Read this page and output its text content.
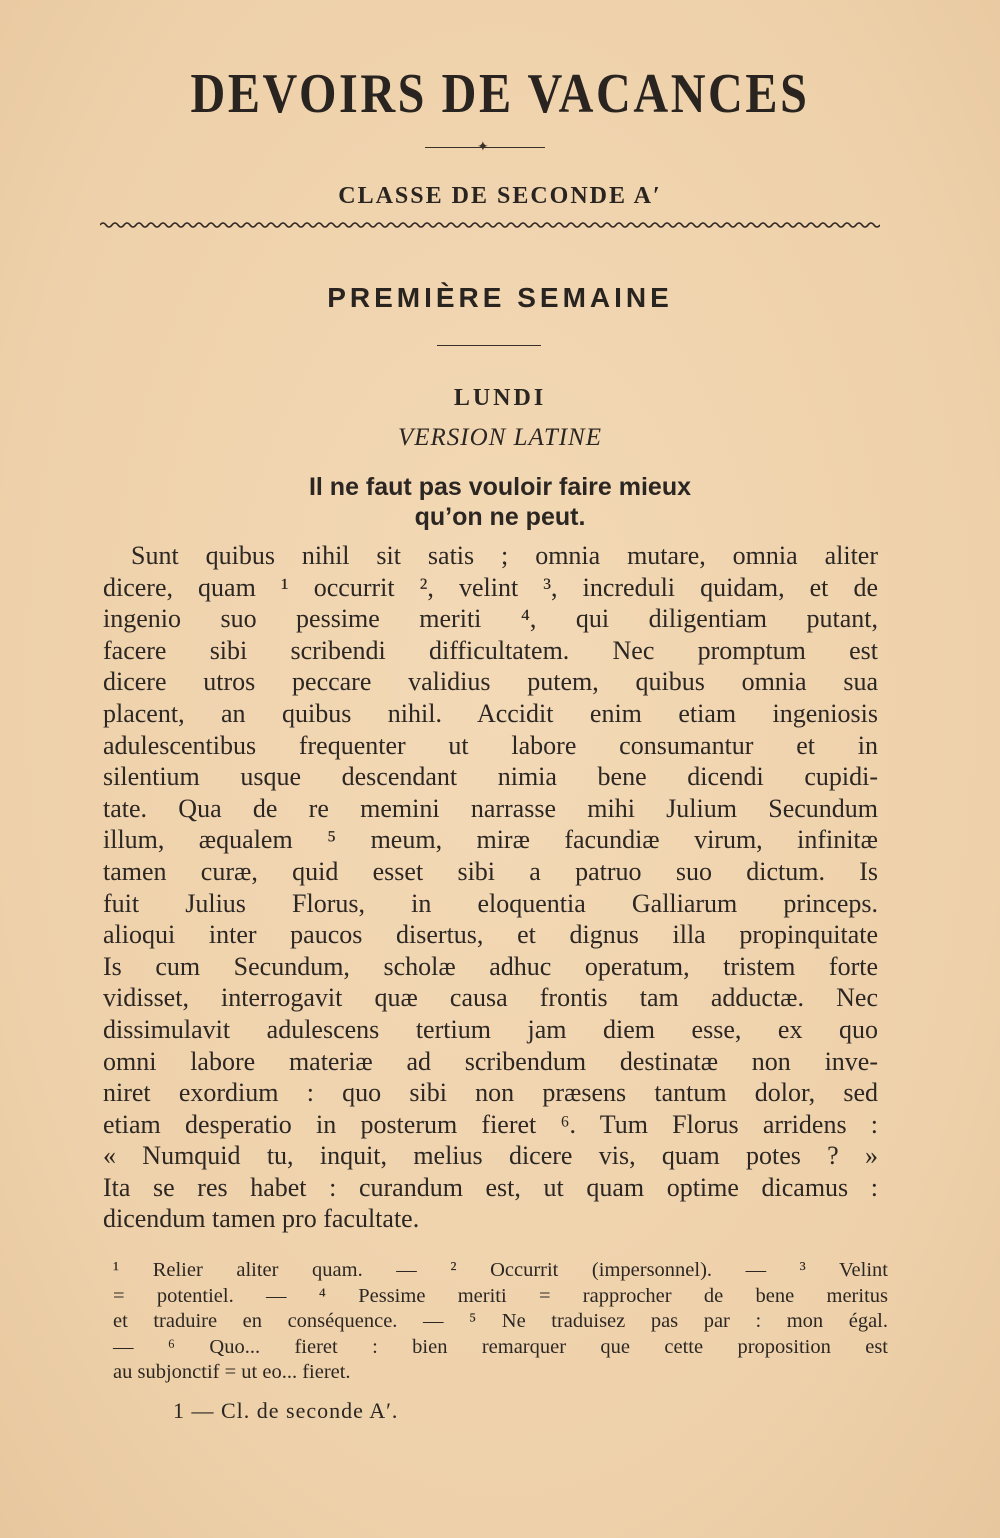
DEVOIRS DE VACANCES
✦
CLASSE DE SECONDE A′
PREMIÈRE SEMAINE
LUNDI
VERSION LATINE
Il ne faut pas vouloir faire mieux
qu’on ne peut.
Sunt quibus nihil sit satis ; omnia mutare, omnia aliter
dicere, quam ¹ occurrit ², velint ³, increduli quidam, et de
ingenio suo pessime meriti ⁴, qui diligentiam putant,
facere sibi scribendi difficultatem. Nec promptum est
dicere utros peccare validius putem, quibus omnia sua
placent, an quibus nihil. Accidit enim etiam ingeniosis
adulescentibus frequenter ut labore consumantur et in
silentium usque descendant nimia bene dicendi cupidi-
tate. Qua de re memini narrasse mihi Julium Secundum
illum, æqualem ⁵ meum, miræ facundiæ virum, infinitæ
tamen curæ, quid esset sibi a patruo suo dictum. Is
fuit Julius Florus, in eloquentia Galliarum princeps.
alioqui inter paucos disertus, et dignus illa propinquitate
Is cum Secundum, scholæ adhuc operatum, tristem forte
vidisset, interrogavit quæ causa frontis tam adductæ. Nec
dissimulavit adulescens tertium jam diem esse, ex quo
omni labore materiæ ad scribendum destinatæ non inve-
niret exordium : quo sibi non præsens tantum dolor, sed
etiam desperatio in posterum fieret ⁶. Tum Florus arridens :
« Numquid tu, inquit, melius dicere vis, quam potes ? »
Ita se res habet : curandum est, ut quam optime dicamus :
dicendum tamen pro facultate.
¹ Relier aliter quam. — ² Occurrit (impersonnel). — ³ Velint
= potentiel. — ⁴ Pessime meriti = rapprocher de bene meritus
et traduire en conséquence. — ⁵ Ne traduisez pas par : mon égal.
— ⁶ Quo... fieret : bien remarquer que cette proposition est
au subjonctif = ut eo... fieret.
1 — Cl. de seconde A′.
